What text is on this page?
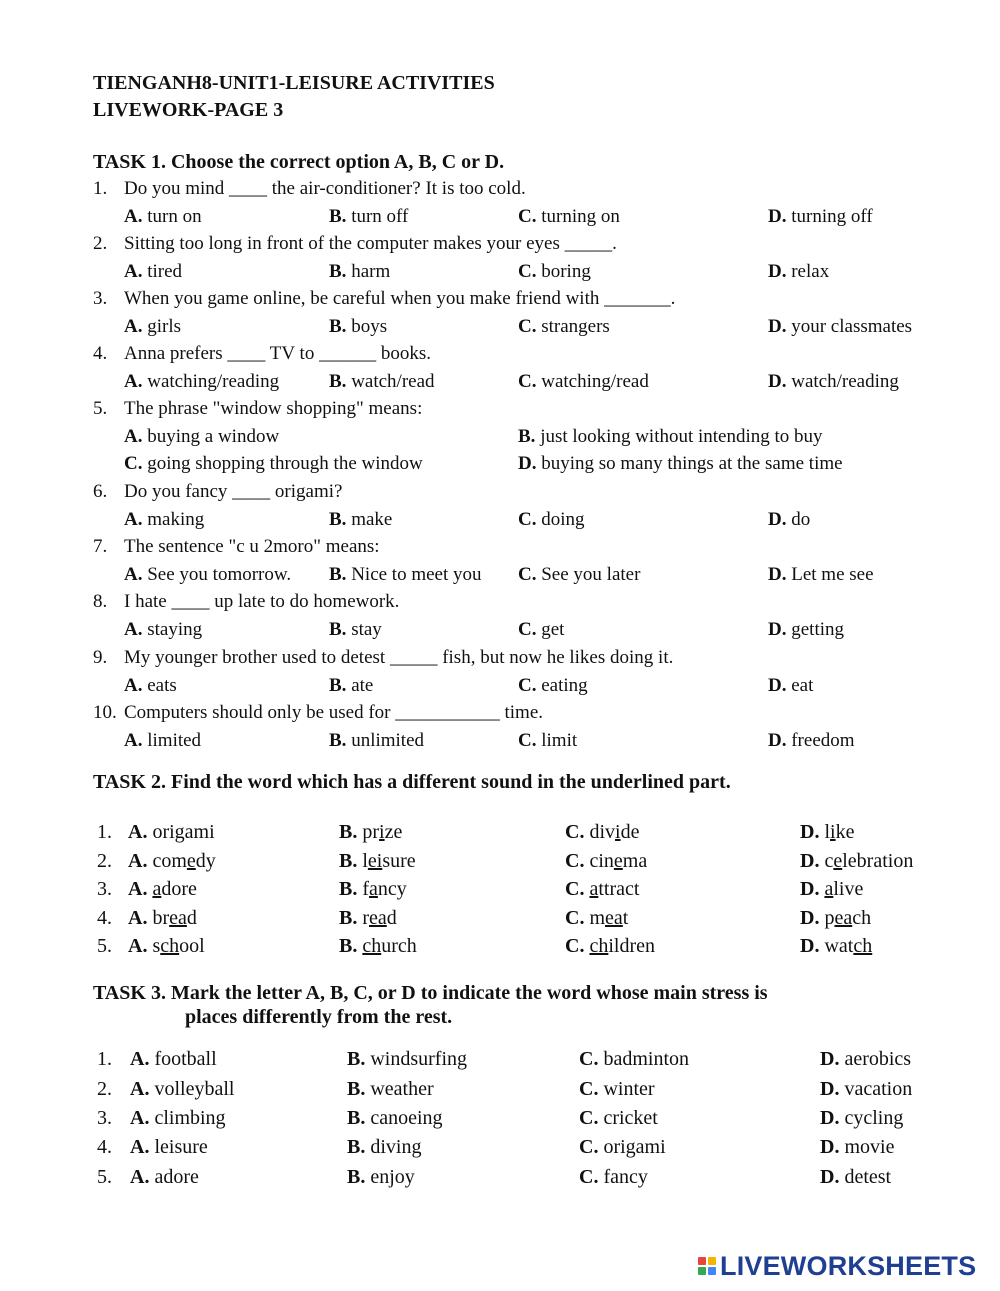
TIENGANH8-UNIT1-LEISURE ACTIVITIES
LIVEWORK-PAGE 3
TASK 1. Choose the correct option A, B, C or D.
1. Do you mind ____ the air-conditioner? It is too cold.
A. turn on	B. turn off	C. turning on	D. turning off
2. Sitting too long in front of the computer makes your eyes _____.
A. tired	B. harm	C. boring	D. relax
3. When you game online, be careful when you make friend with _______.
A. girls	B. boys	C. strangers	D. your classmates
4. Anna prefers ____ TV to ______ books.
A. watching/reading	B. watch/read	C. watching/read	D. watch/reading
5. The phrase "window shopping" means:
A. buying a window	B. just looking without intending to buy
C. going shopping through the window	D. buying so many things at the same time
6. Do you fancy ____ origami?
A. making	B. make	C. doing	D. do
7. The sentence "c u 2moro" means:
A. See you tomorrow. B. Nice to meet you C. See you later	D. Let me see
8. I hate ____ up late to do homework.
A. staying	B. stay	C. get	D. getting
9. My younger brother used to detest _____ fish, but now he likes doing it.
A. eats	B. ate	C. eating	D. eat
10. Computers should only be used for ___________ time.
A. limited	B. unlimited	C. limit	D. freedom
TASK 2. Find the word which has a different sound in the underlined part.
1. A. origami	B. prize	C. divide	D. like
2. A. comedy	B. leisure	C. cinema	D. celebration
3. A. adore	B. fancy	C. attract	D. alive
4. A. bread	B. read	C. meat	D. peach
5. A. school	B. church	C. children	D. watch
TASK 3. Mark the letter A, B, C, or D to indicate the word whose main stress is
places differently from the rest.
1. A. football	B. windsurfing	C. badminton	D. aerobics
2. A. volleyball	B. weather	C. winter	D. vacation
3. A. climbing	B. canoeing	C. cricket	D. cycling
4. A. leisure	B. diving	C. origami	D. movie
5. A. adore	B. enjoy	C. fancy	D. detest
LIVEWORKSHEETS
